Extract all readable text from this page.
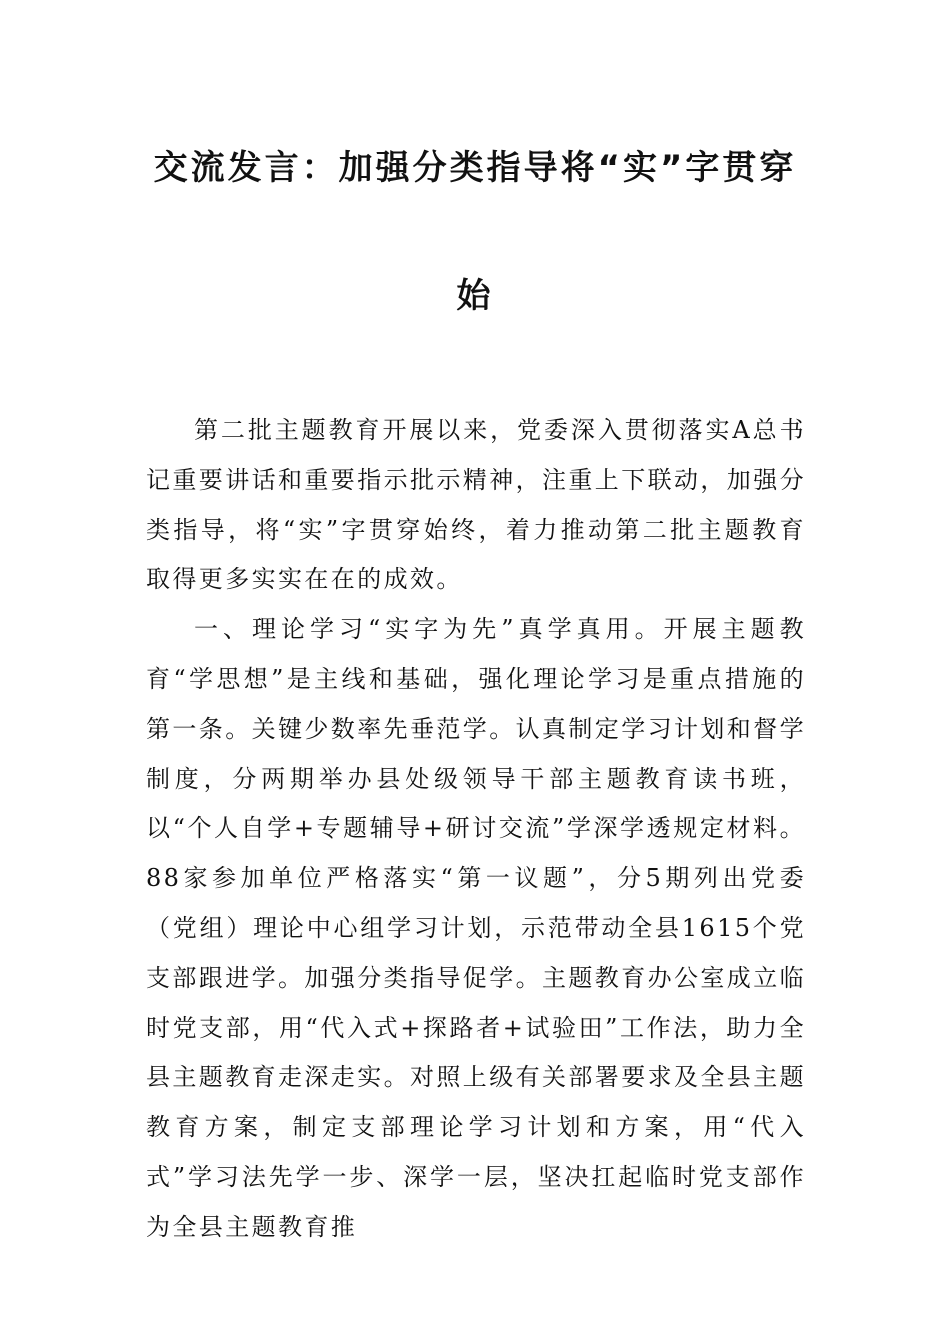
交流发言：加强分类指导将“实”字贯穿
始

第二批主题教育开展以来，党委深入贯彻落实A总书记重要讲话和重要指示批示精神，注重上下联动，加强分类指导，将“实”字贯穿始终，着力推动第二批主题教育取得更多实实在在的成效。

一、理论学习“实字为先”真学真用。开展主题教育“学思想”是主线和基础，强化理论学习是重点措施的第一条。关键少数率先垂范学。认真制定学习计划和督学制度，分两期举办县处级领导干部主题教育读书班，以“个人自学+专题辅导+研讨交流”学深学透规定材料。88家参加单位严格落实“第一议题”，分5期列出党委（党组）理论中心组学习计划，示范带动全县1615个党支部跟进学。加强分类指导促学。主题教育办公室成立临时党支部，用“代入式+探路者+试验田”工作法，助力全县主题教育走深走实。对照上级有关部署要求及全县主题教育方案，制定支部理论学习计划和方案，用“代入式”学习法先学一步、深学一层，坚决扛起临时党支部作为全县主题教育推
